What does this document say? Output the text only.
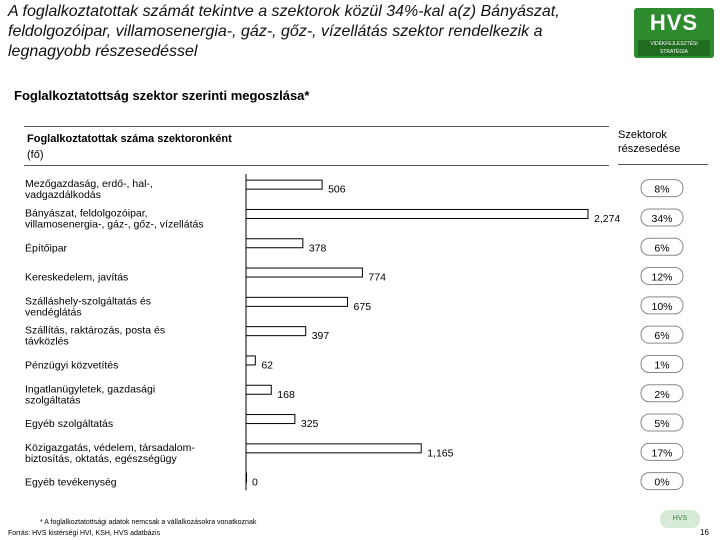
A foglalkoztatottak számát tekintve a szektorok közül 34%-kal a(z) Bányászat, feldolgozóipar, villamosenergia-, gáz-, gőz-, vízellátás szektor rendelkezik a legnagyobb részesedéssel
HVS
VIDÉKFEJLESZTÉSI STRATÉGIA
Foglalkoztatottság szektor szerinti megoszlása*
Foglalkoztatottak száma szektoronként
(fő)
Szektorok
részesedése
Mezőgazdaság, erdő-, hal-, vadgazdálkodás	506	8%
Bányászat, feldolgozóipar, villamosenergia-, gáz-, gőz-, vízellátás	2,274	34%
Építőipar	378	6%
Kereskedelem, javítás	774	12%
Szálláshely-szolgáltatás és vendéglátás	675	10%
Szállítás, raktározás, posta és távközlés	397	6%
Pénzügyi közvetítés	62	1%
Ingatlanügyletek, gazdasági szolgáltatás	168	2%
Egyéb szolgáltatás	325	5%
Közigazgatás, védelem, társadalom-biztosítás, oktatás, egészségügy	1,165	17%
Egyéb tevékenység	0	0%
* A foglalkoztatottsági adatok nemcsak a vállalkozásokra vonatkoznak
Forrás: HVS kistérségi HVI, KSH, HVS adatbázis
HVS
16
